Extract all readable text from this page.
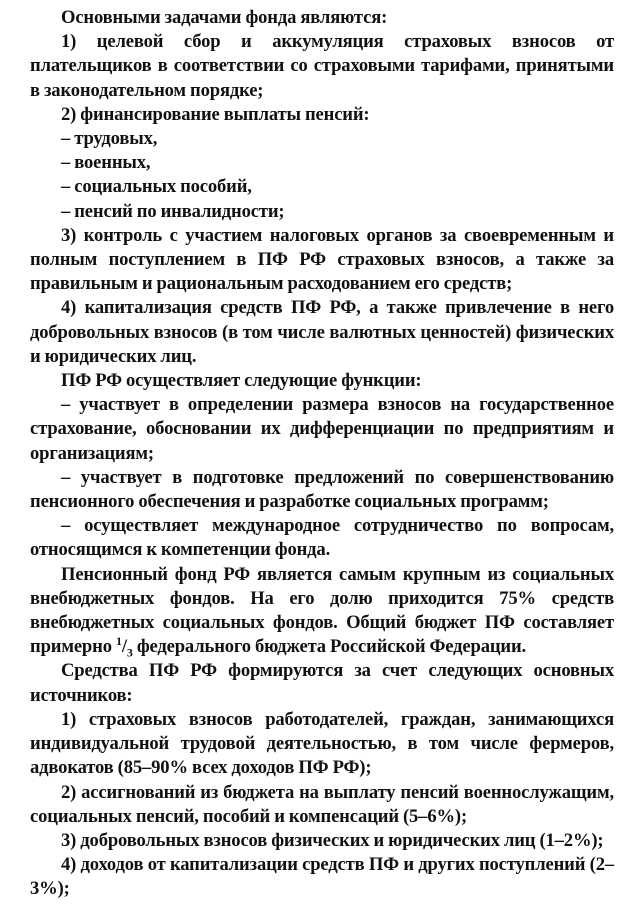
Основными задачами фонда являются:

1) целевой сбор и аккумуляция страховых взносов от плательщиков в соответствии со страховыми тарифами, принятыми в законодательном порядке;

2) финансирование выплаты пенсий:

– трудовых,

– военных,

– социальных пособий,

– пенсий по инвалидности;

3) контроль с участием налоговых органов за своевременным и полным поступлением в ПФ РФ страховых взносов, а также за правильным и рациональным расходованием его средств;

4) капитализация средств ПФ РФ, а также привлечение в него добровольных взносов (в том числе валютных ценностей) физических и юридических лиц.

ПФ РФ осуществляет следующие функции:

– участвует в определении размера взносов на государственное страхование, обосновании их дифференциации по предприятиям и организациям;

– участвует в подготовке предложений по совершенствованию пенсионного обеспечения и разработке социальных программ;

– осуществляет международное сотрудничество по вопросам, относящимся к компетенции фонда.

Пенсионный фонд РФ является самым крупным из социальных внебюджетных фондов. На его долю приходится 75% средств внебюджетных социальных фондов. Общий бюджет ПФ составляет примерно $^1/_3$ федерального бюджета Российской Федерации.

Средства ПФ РФ формируются за счет следующих основных источников:

1) страховых взносов работодателей, граждан, занимающихся индивидуальной трудовой деятельностью, в том числе фермеров, адвокатов (85–90% всех доходов ПФ РФ);

2) ассигнований из бюджета на выплату пенсий военнослужащим, социальных пенсий, пособий и компенсаций (5–6%);

3) добровольных взносов физических и юридических лиц (1–2%);

4) доходов от капитализации средств ПФ и других поступлений (2–3%);
